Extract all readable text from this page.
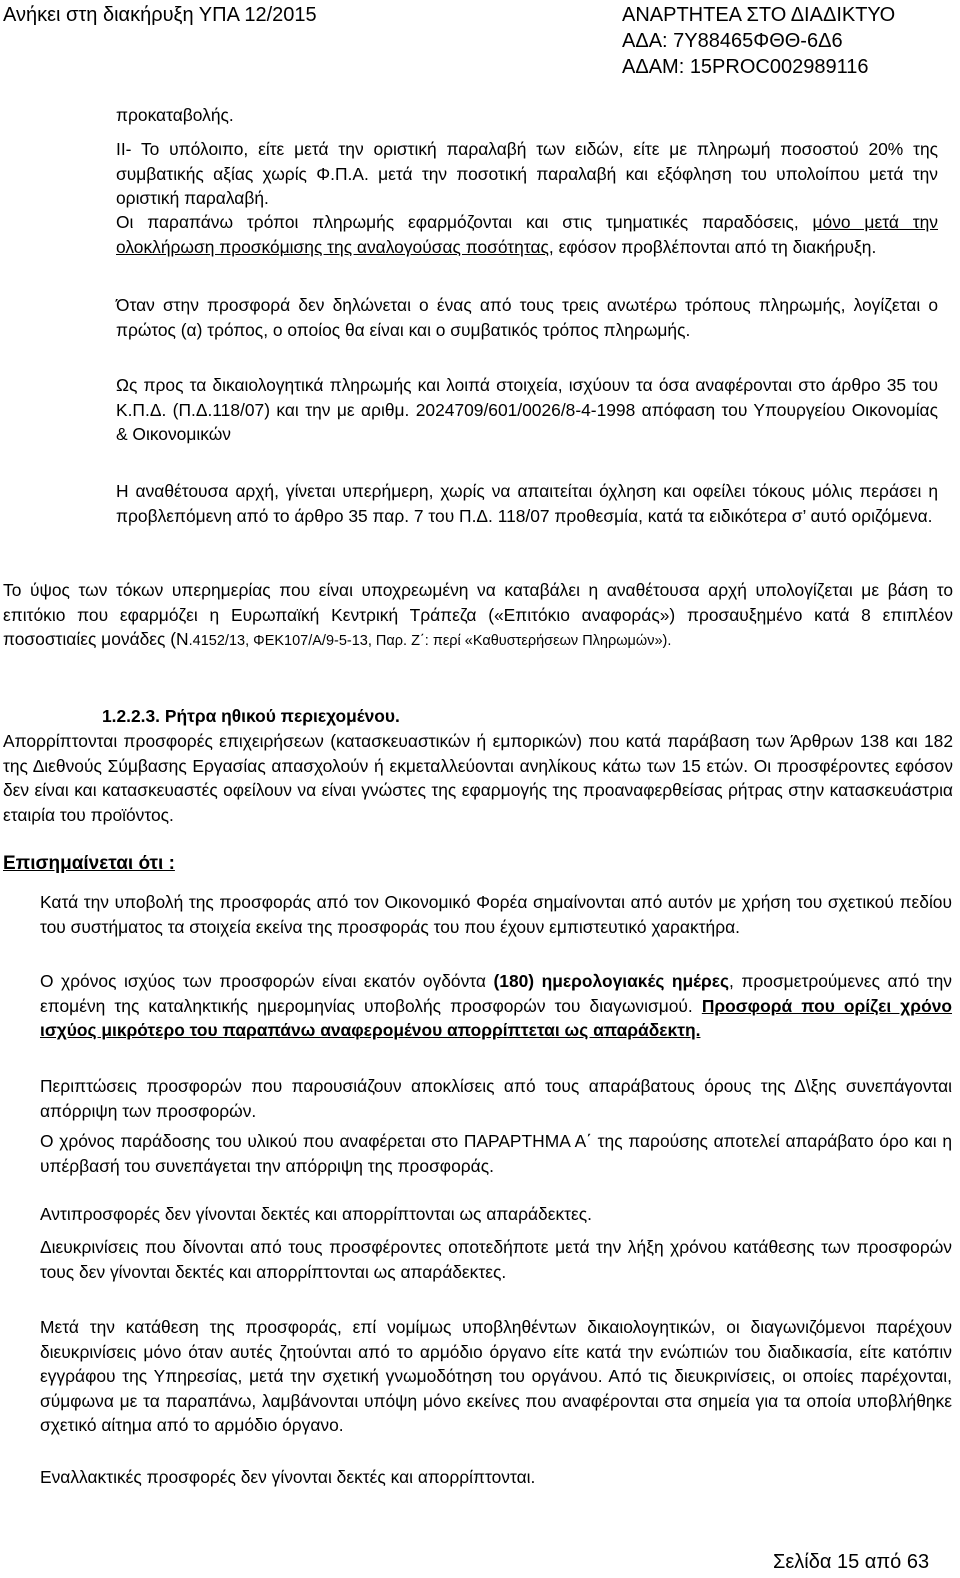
Ανήκει στη διακήρυξη ΥΠΑ 12/2015	ΑΝΑΡΤΗΤΕΑ ΣΤΟ ΔΙΑΔΙΚΤΥΟ
ΑΔΑ: 7Υ88465ΦΘΘ-6Δ6
ΑΔΑΜ: 15PROC002989116

προκαταβολής.

ΙΙ- Το υπόλοιπο, είτε μετά την οριστική παραλαβή των ειδών, είτε με πληρωμή ποσοστού 20% της συμβατικής αξίας χωρίς Φ.Π.Α. μετά την ποσοτική παραλαβή και εξόφληση του υπολοίπου μετά την οριστική παραλαβή.

Οι παραπάνω τρόποι πληρωμής εφαρμόζονται και στις τμηματικές παραδόσεις, μόνο μετά την ολοκλήρωση προσκόμισης της αναλογούσας ποσότητας, εφόσον προβλέπονται από τη διακήρυξη.

Όταν στην προσφορά δεν δηλώνεται ο ένας από τους τρεις ανωτέρω τρόπους πληρωμής, λογίζεται ο πρώτος (α) τρόπος, ο οποίος θα είναι και ο συμβατικός τρόπος πληρωμής.

Ως προς τα δικαιολογητικά πληρωμής και λοιπά στοιχεία, ισχύουν τα όσα αναφέρονται στο άρθρο 35 του Κ.Π.Δ. (Π.Δ.118/07) και την με αριθμ. 2024709/601/0026/8-4-1998 απόφαση του Υπουργείου Οικονομίας & Οικονομικών

Η αναθέτουσα αρχή, γίνεται υπερήμερη, χωρίς να απαιτείται όχληση και οφείλει τόκους μόλις περάσει η προβλεπόμενη από το άρθρο 35 παρ. 7 του Π.Δ. 118/07 προθεσμία, κατά τα ειδικότερα σ’ αυτό οριζόμενα.

Το ύψος των τόκων υπερημερίας που είναι υποχρεωμένη να καταβάλει η αναθέτουσα αρχή υπολογίζεται με βάση το επιτόκιο που εφαρμόζει η Ευρωπαϊκή Κεντρική Τράπεζα («Επιτόκιο αναφοράς») προσαυξημένο κατά 8 επιπλέον ποσοστιαίες μονάδες (Ν.4152/13, ΦΕΚ107/Α/9-5-13, Παρ. Ζ΄: περί «Καθυστερήσεων Πληρωμών»).

1.2.2.3. Ρήτρα ηθικού περιεχομένου.

Απορρίπτονται προσφορές επιχειρήσεων (κατασκευαστικών ή εμπορικών) που κατά παράβαση των Άρθρων 138 και 182 της Διεθνούς Σύμβασης Εργασίας απασχολούν ή εκμεταλλεύονται ανηλίκους κάτω των 15 ετών. Οι προσφέροντες εφόσον δεν είναι και κατασκευαστές οφείλουν να είναι γνώστες της εφαρμογής της προαναφερθείσας ρήτρας στην κατασκευάστρια εταιρία του προϊόντος.

Επισημαίνεται ότι :

Κατά την υποβολή της προσφοράς από τον Οικονομικό Φορέα σημαίνονται από αυτόν με χρήση του σχετικού πεδίου του συστήματος τα στοιχεία εκείνα της προσφοράς του που έχουν εμπιστευτικό χαρακτήρα.

Ο χρόνος ισχύος των προσφορών είναι εκατόν ογδόντα (180) ημερολογιακές ημέρες, προσμετρούμενες από την επομένη της καταληκτικής ημερομηνίας υποβολής προσφορών του διαγωνισμού. Προσφορά που ορίζει χρόνο ισχύος μικρότερο του παραπάνω αναφερομένου απορρίπτεται ως απαράδεκτη.

Περιπτώσεις προσφορών που παρουσιάζουν αποκλίσεις από τους απαράβατους όρους της Δ\ξης συνεπάγονται απόρριψη των προσφορών.

Ο χρόνος παράδοσης του υλικού που αναφέρεται στο ΠΑΡΑΡΤΗΜΑ Α΄ της παρούσης αποτελεί απαράβατο όρο και η υπέρβασή του συνεπάγεται την απόρριψη της προσφοράς.

Αντιπροσφορές δεν γίνονται δεκτές και απορρίπτονται ως απαράδεκτες.

Διευκρινίσεις που δίνονται από τους προσφέροντες οποτεδήποτε μετά την λήξη χρόνου κατάθεσης των προσφορών τους δεν γίνονται δεκτές και απορρίπτονται ως απαράδεκτες.

Μετά την κατάθεση της προσφοράς, επί νομίμως υποβληθέντων δικαιολογητικών, οι διαγωνιζόμενοι παρέχουν διευκρινίσεις μόνο όταν αυτές ζητούνται από το αρμόδιο όργανο είτε κατά την ενώπιών του διαδικασία, είτε κατόπιν εγγράφου της Υπηρεσίας, μετά την σχετική γνωμοδότηση του οργάνου. Από τις διευκρινίσεις, οι οποίες παρέχονται, σύμφωνα με τα παραπάνω, λαμβάνονται υπόψη μόνο εκείνες που αναφέρονται στα σημεία για τα οποία υποβλήθηκε σχετικό αίτημα από το αρμόδιο όργανο.

Εναλλακτικές προσφορές δεν γίνονται δεκτές και απορρίπτονται.

Σελίδα 15 από 63
